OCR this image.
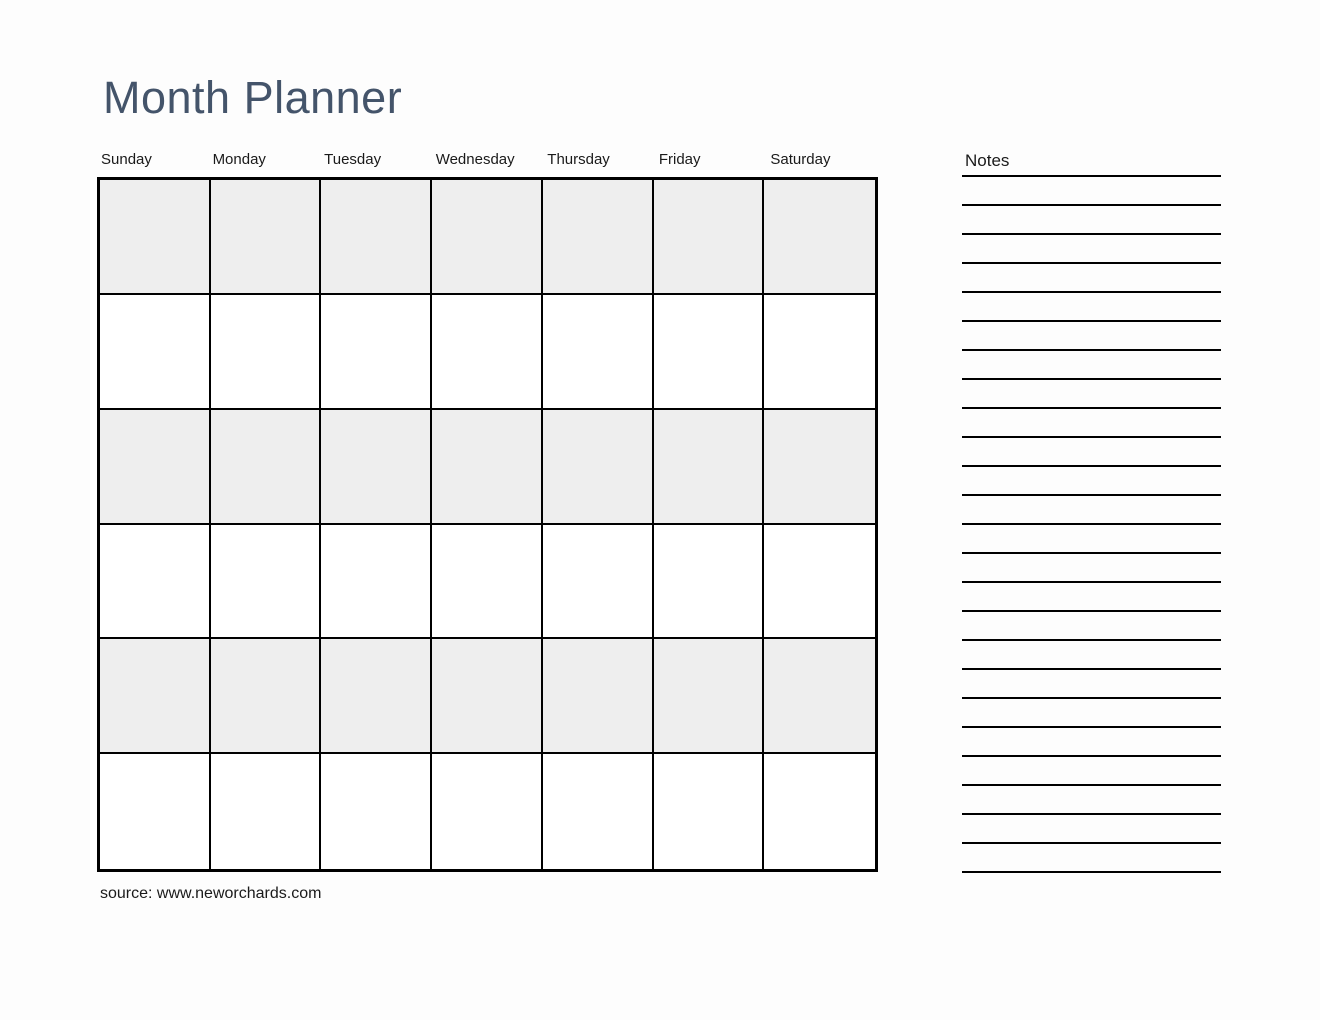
Month Planner
Sunday	Monday	Tuesday	Wednesday	Thursday	Friday	Saturday	Notes
source: www.neworchards.com
